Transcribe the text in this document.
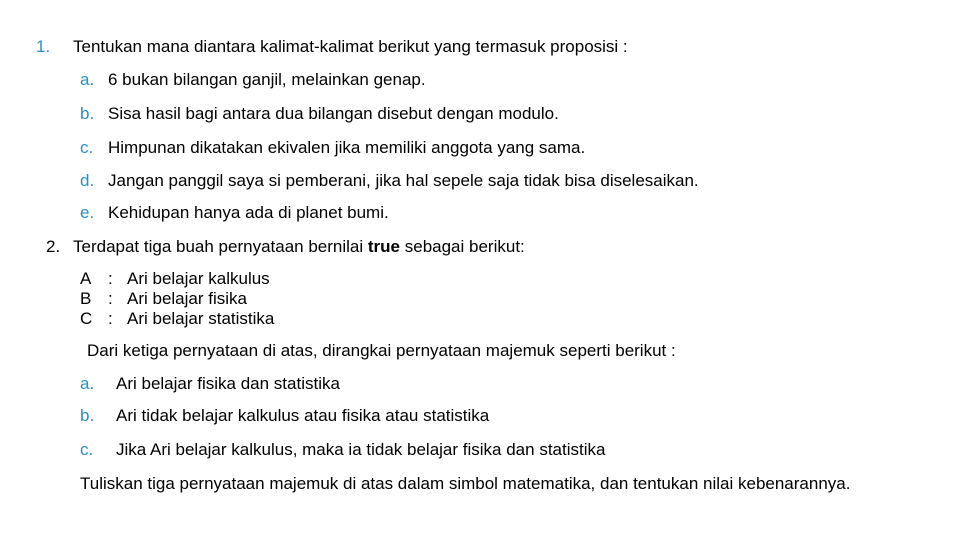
1. Tentukan mana diantara kalimat-kalimat berikut yang termasuk proposisi :
a. 6 bukan bilangan ganjil, melainkan genap.
b. Sisa hasil bagi antara dua bilangan disebut dengan modulo.
c. Himpunan dikatakan ekivalen jika memiliki anggota yang sama.
d. Jangan panggil saya si pemberani, jika hal sepele saja tidak bisa diselesaikan.
e. Kehidupan hanya ada di planet bumi.
2. Terdapat tiga buah pernyataan bernilai true sebagai berikut:
A : Ari belajar kalkulus
B : Ari belajar fisika
C : Ari belajar statistika
Dari ketiga pernyataan di atas, dirangkai pernyataan majemuk seperti berikut :
a. Ari belajar fisika dan statistika
b. Ari tidak belajar kalkulus atau fisika atau statistika
c. Jika Ari belajar kalkulus, maka ia tidak belajar fisika dan statistika
Tuliskan tiga pernyataan majemuk di atas dalam simbol matematika, dan tentukan nilai kebenarannya.
